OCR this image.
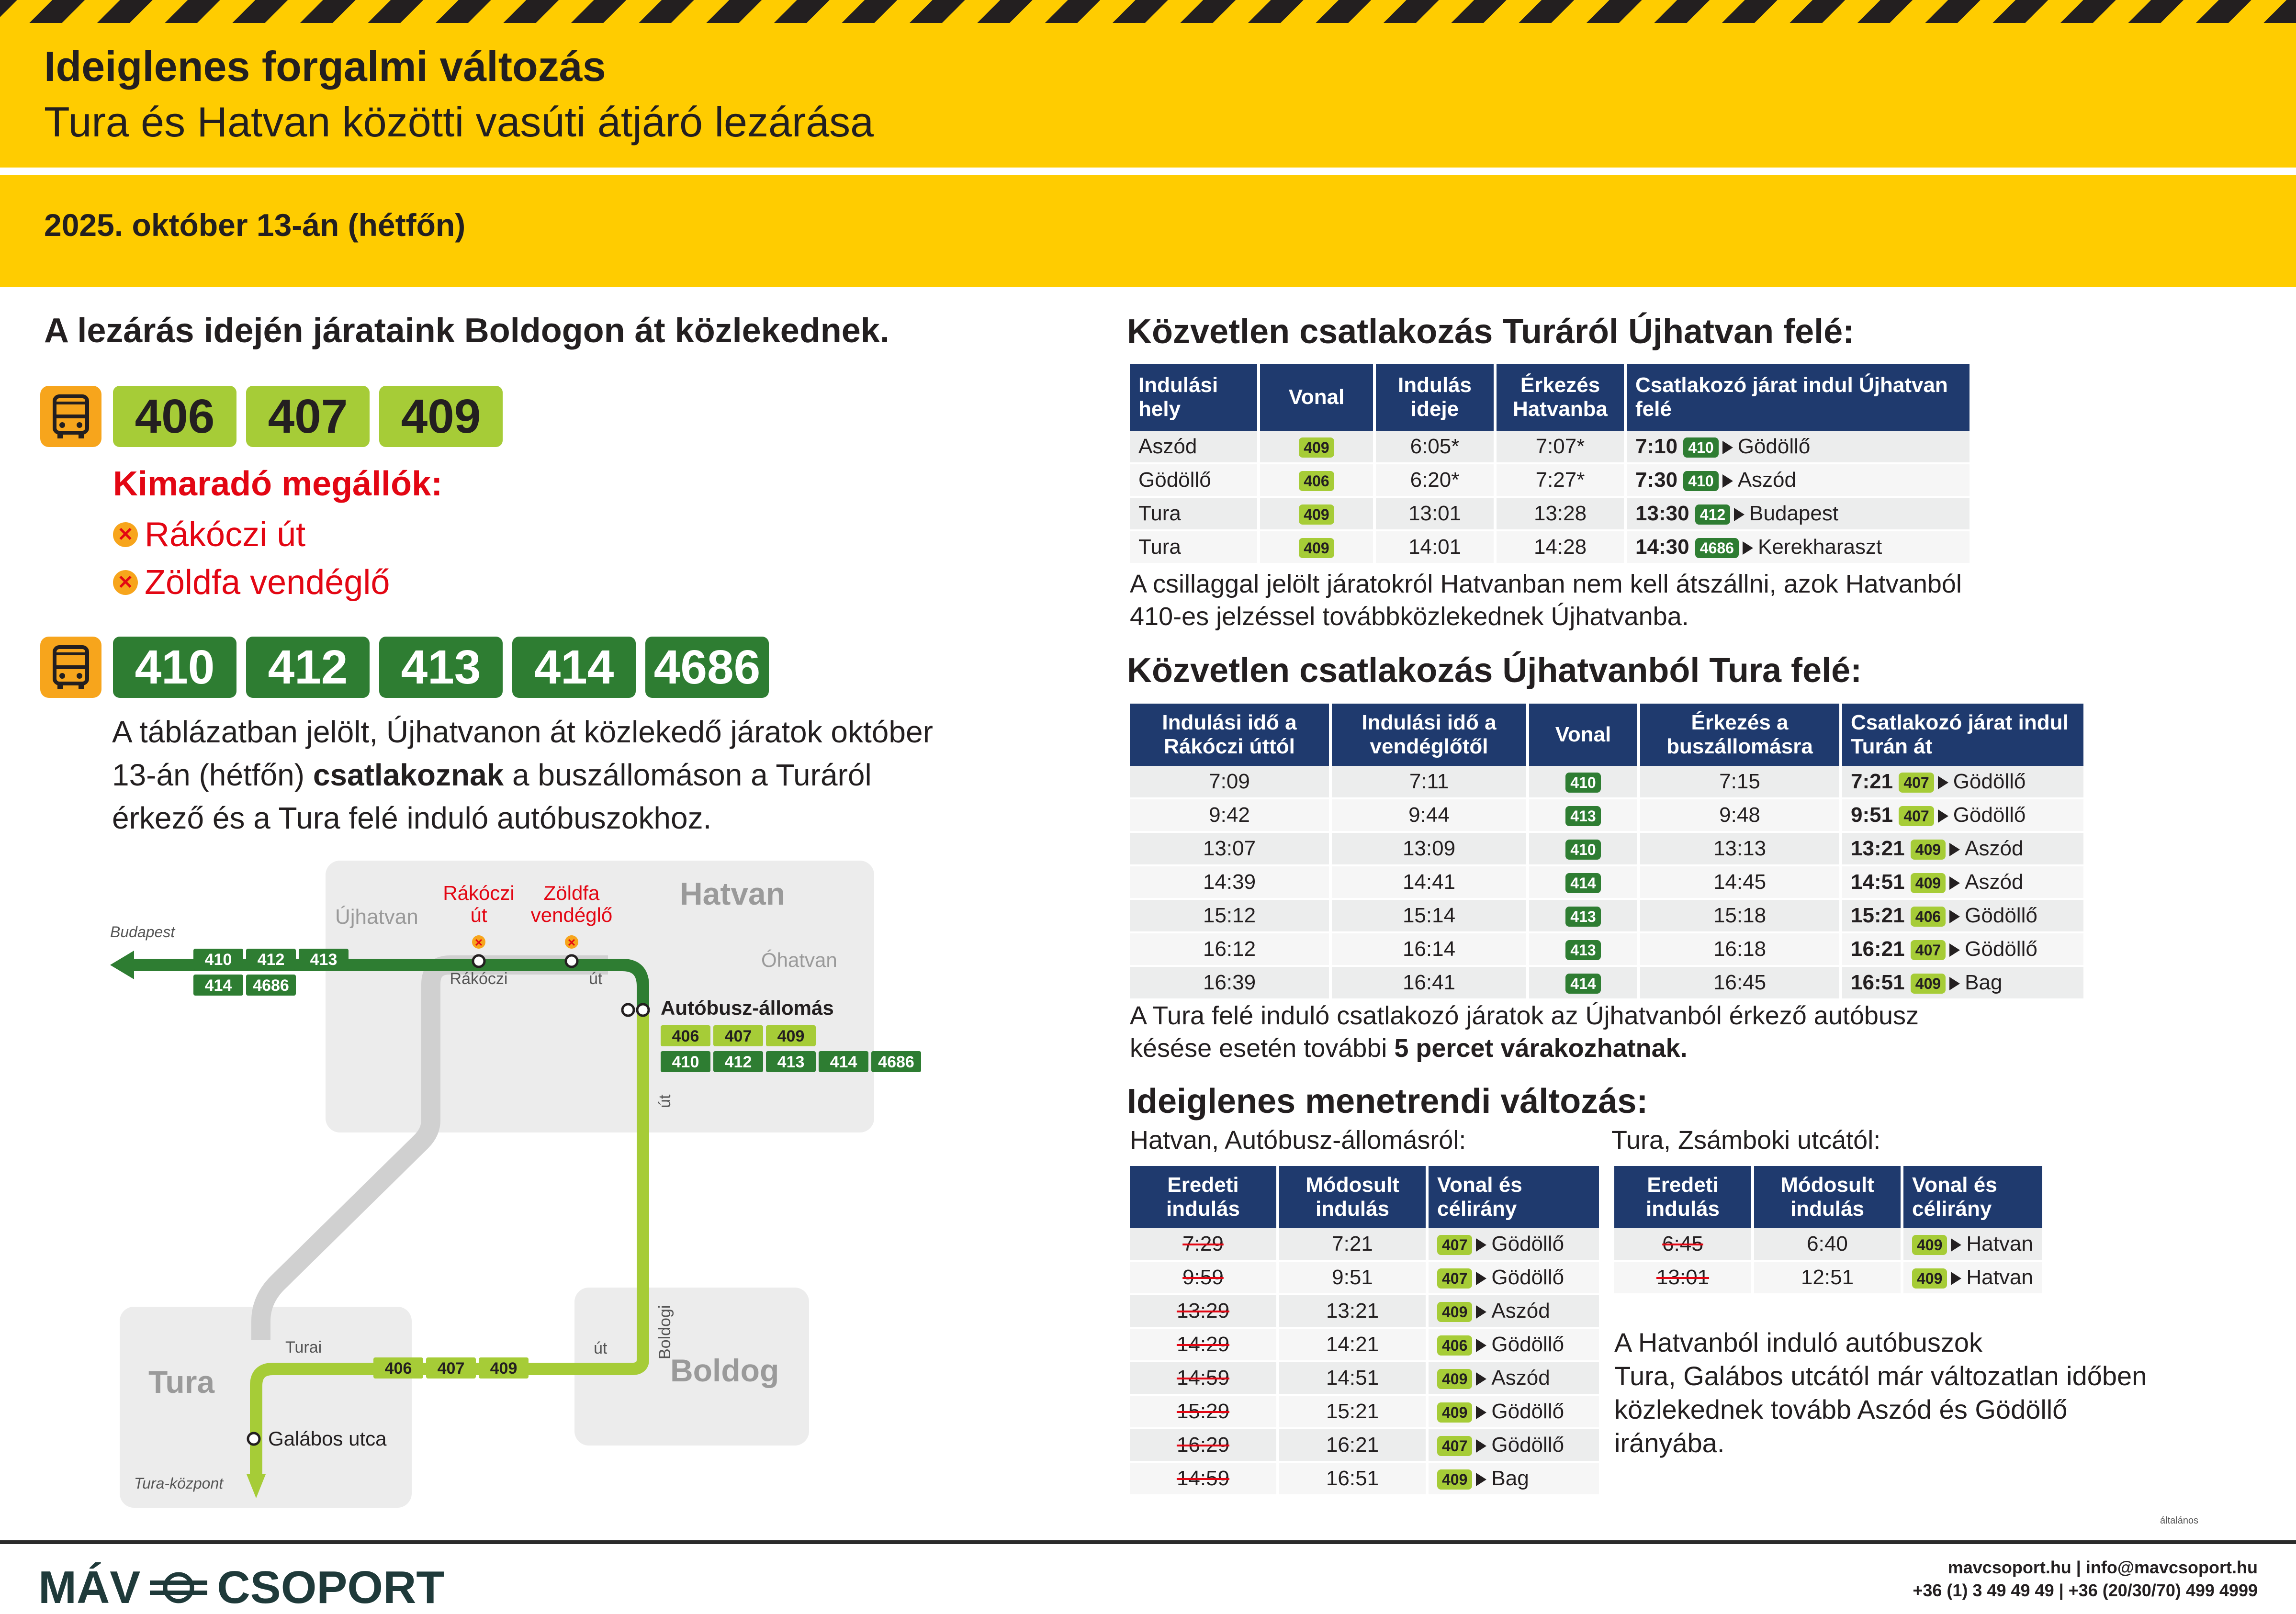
Ideiglenes forgalmi változás
Tura és Hatvan közötti vasúti átjáró lezárása
2025. október 13-án (hétfőn)
A lezárás idején járataink Boldogon át közlekednek.
406	407	409
Kimaradó megállók:
✕ Rákóczi út
✕ Zöldfa vendéglő
410	412	413	414 4686
A táblázatban jelölt, Újhatvanon át közlekedő járatok október 13-án (hétfőn) csatlakoznak a buszállomáson a Turáról érkező és a Tura felé induló autóbuszokhoz.
✕	✕
Újhatvan
Hatvan
Óhatvan
Tura	Boldog
Rákóczi
út
Zöldfa
vendéglő
Rákóczi	út
út
Boldogi
út
Turai
Budapest
Tura-központ
Autóbusz-állomás
Galábos utca
410 412 413
414 4686
406 407 409
410 412 413 414 4686
406 407 409
Közvetlen csatlakozás Turáról Újhatvan felé:
Indulási hely	Vonal	Indulás ideje	Érkezés Hatvanba	Csatlakozó járat indul Újhatvan felé
Aszód	409	6:05*	7:07*	7:10 410 Gödöllő
Gödöllő	406	6:20*	7:27*	7:30 410 Aszód
Tura	409	13:01	13:28	13:30 412 Budapest
Tura	409	14:01	14:28	14:30 4686 Kerekharaszt
A csillaggal jelölt járatokról Hatvanban nem kell átszállni, azok Hatvanból
410-es jelzéssel továbbközlekednek Újhatvanba.
Közvetlen csatlakozás Újhatvanból Tura felé:
Indulási idő a Rákóczi úttól	Indulási idő a vendéglőtől	Vonal	Érkezés a buszállomásra	Csatlakozó járat indul Turán át
7:09	7:11	410	7:15	7:21 407 Gödöllő
9:42	9:44	413	9:48	9:51 407 Gödöllő
13:07	13:09	410	13:13	13:21 409 Aszód
14:39	14:41	414	14:45	14:51 409 Aszód
15:12	15:14	413	15:18	15:21 406 Gödöllő
16:12	16:14	413	16:18	16:21 407 Gödöllő
16:39	16:41	414	16:45	16:51 409 Bag
A Tura felé induló csatlakozó járatok az Újhatvanból érkező autóbusz
késése esetén további 5 percet várakozhatnak.
Ideiglenes menetrendi változás:
Hatvan, Autóbusz-állomásról:	Tura, Zsámboki utcától:
Eredeti indulás	Módosult indulás	Vonal és célirány
7:29	7:21	407 Gödöllő
9:59	9:51	407 Gödöllő
13:29	13:21	409 Aszód
14:29	14:21	406 Gödöllő
14:59	14:51	409 Aszód
15:29	15:21	409 Gödöllő
16:29	16:21	407 Gödöllő
14:59	16:51	409 Bag
Eredeti indulás	Módosult indulás	Vonal és célirány
6:45	6:40	409 Hatvan
13:01	12:51	409 Hatvan
A Hatvanból induló autóbuszok
Tura, Galábos utcától már változatlan időben
közlekednek tovább Aszód és Gödöllő
irányába.
általános
MÁV CSOPORT	mavcsoport.hu | info@mavcsoport.hu
+36 (1) 3 49 49 49 | +36 (20/30/70) 499 4999
